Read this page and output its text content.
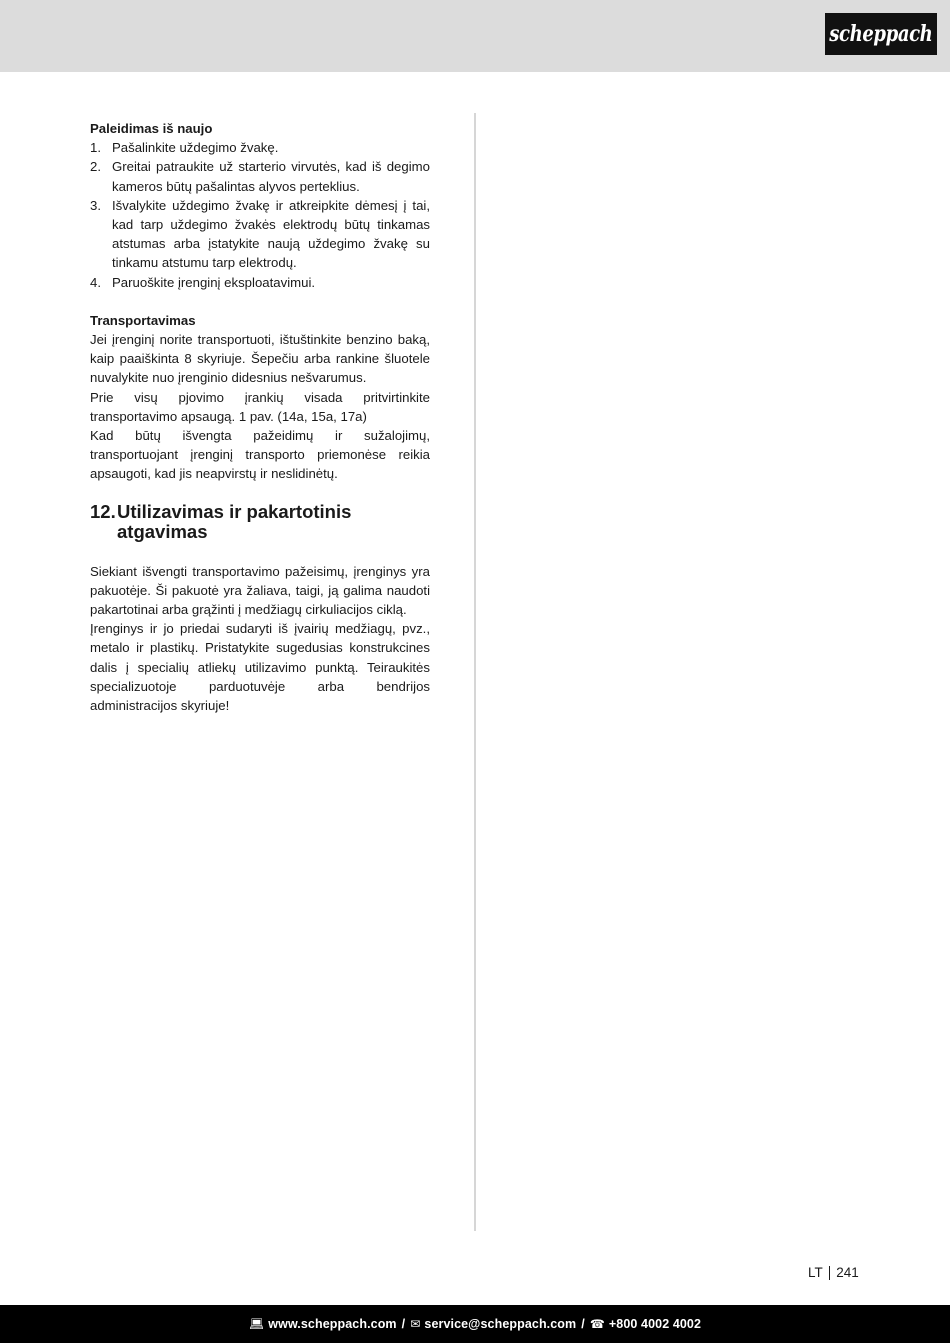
scheppach
Paleidimas iš naujo
1. Pašalinkite uždegimo žvakę.
2. Greitai patraukite už starterio virvutės, kad iš degimo kameros būtų pašalintas alyvos perteklius.
3. Išvalykite uždegimo žvakę ir atkreipkite dėmesį į tai, kad tarp uždegimo žvakės elektrodų būtų tinkamas atstumas arba įstatykite naują uždegimo žvakę su tinkamu atstumu tarp elektrodų.
4. Paruoškite įrenginį eksploatavimui.
Transportavimas

Jei įrenginį norite transportuoti, ištuštinkite benzino baką, kaip paaiškinta 8 skyriuje. Šepečiu arba rankine šluotele nuvalykite nuo įrenginio didesnius nešvarumus.

Prie visų pjovimo įrankių visada pritvirtinkite transportavimo apsaugą. 1 pav. (14a, 15a, 17a)

Kad būtų išvengta pažeidimų ir sužalojimų, transportuojant įrenginį transporto priemonėse reikia apsaugoti, kad jis neapvirstų ir neslidinėtų.

12. Utilizavimas ir pakartotinis atgavimas

Siekiant išvengti transportavimo pažeisimų, įrenginys yra pakuotėje. Ši pakuotė yra žaliava, taigi, ją galima naudoti pakartotinai arba grąžinti į medžiagų cirkuliacijos ciklą.

Įrenginys ir jo priedai sudaryti iš įvairių medžiagų, pvz., metalo ir plastikų. Pristatykite sugedusias konstrukcines dalis į specialių atliekų utilizavimo punktą. Teiraukitės specializuotoje parduotuvėje arba bendrijos administracijos skyriuje!

LT 241
💻︎ www.scheppach.com / ✉︎ service@scheppach.com / ☎︎ +800 4002 4002
